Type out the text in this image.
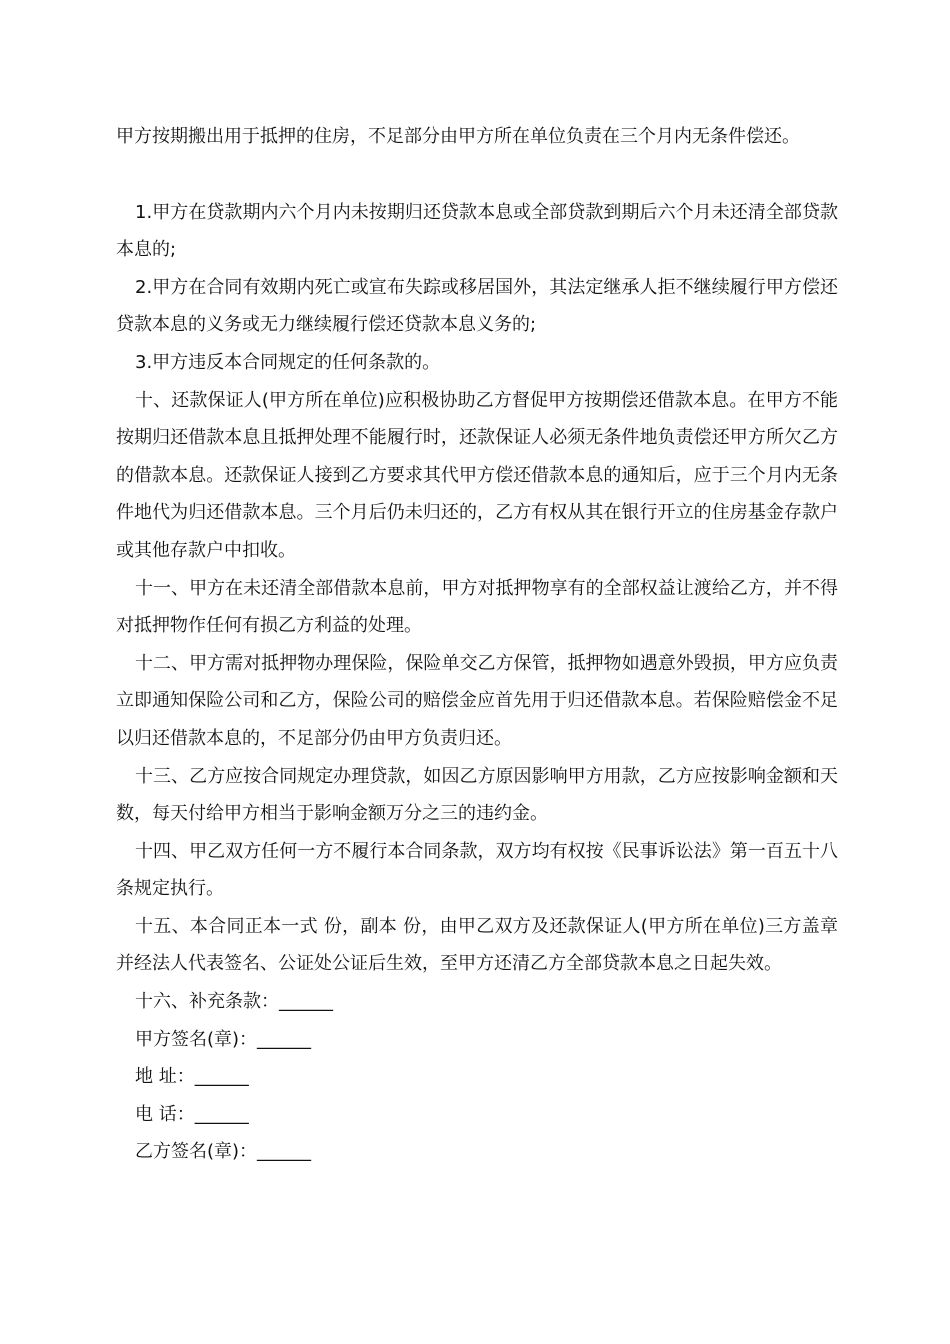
甲方按期搬出用于抵押的住房，不足部分由甲方所在单位负责在三个月内无条件偿还。

1.甲方在贷款期内六个月内未按期归还贷款本息或全部贷款到期后六个月未还清全部贷款本息的;

2.甲方在合同有效期内死亡或宣布失踪或移居国外，其法定继承人拒不继续履行甲方偿还贷款本息的义务或无力继续履行偿还贷款本息义务的;

3.甲方违反本合同规定的任何条款的。

十、还款保证人(甲方所在单位)应积极协助乙方督促甲方按期偿还借款本息。在甲方不能按期归还借款本息且抵押处理不能履行时，还款保证人必须无条件地负责偿还甲方所欠乙方的借款本息。还款保证人接到乙方要求其代甲方偿还借款本息的通知后，应于三个月内无条件地代为归还借款本息。三个月后仍未归还的，乙方有权从其在银行开立的住房基金存款户或其他存款户中扣收。

十一、甲方在未还清全部借款本息前，甲方对抵押物享有的全部权益让渡给乙方，并不得对抵押物作任何有损乙方利益的处理。

十二、甲方需对抵押物办理保险，保险单交乙方保管，抵押物如遇意外毁损，甲方应负责立即通知保险公司和乙方，保险公司的赔偿金应首先用于归还借款本息。若保险赔偿金不足以归还借款本息的，不足部分仍由甲方负责归还。

十三、乙方应按合同规定办理贷款，如因乙方原因影响甲方用款，乙方应按影响金额和天数，每天付给甲方相当于影响金额万分之三的违约金。

十四、甲乙双方任何一方不履行本合同条款，双方均有权按《民事诉讼法》第一百五十八条规定执行。

十五、本合同正本一式 份，副本 份，由甲乙双方及还款保证人(甲方所在单位)三方盖章并经法人代表签名、公证处公证后生效，至甲方还清乙方全部贷款本息之日起失效。

十六、补充条款：______

甲方签名(章)：______

地 址：______

电 话：______

乙方签名(章)：______
